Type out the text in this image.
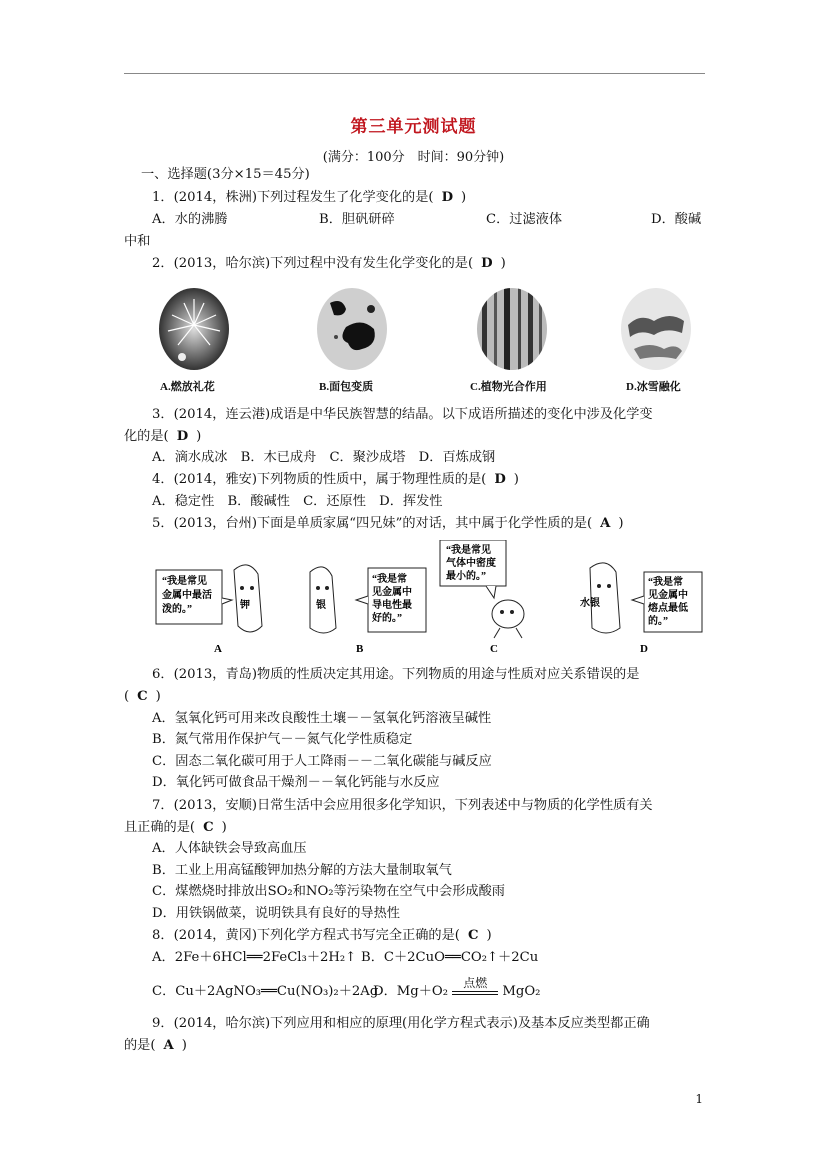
第三单元测试题
(满分：100分　时间：90分钟)
一、选择题(3分×15＝45分)
1．(2014，株洲)下列过程发生了化学变化的是( D )
A．水的沸腾	B．胆矾研碎	C．过滤液体	D．酸碱
中和
2．(2013，哈尔滨)下列过程中没有发生化学变化的是( D )
A.燃放礼花	B.面包变质	C.植物光合作用	D.冰雪融化
3．(2014，连云港)成语是中华民族智慧的结晶。以下成语所描述的变化中涉及化学变
化的是( D )
A．滴水成冰　B．木已成舟　C．聚沙成塔　D．百炼成钢
4．(2014，雅安)下列物质的性质中，属于物理性质的是( D )
A．稳定性　B．酸碱性　C．还原性　D．挥发性
5．(2013，台州)下面是单质家属“四兄妹”的对话，其中属于化学性质的是( A )
“我是常见
金属中最活
泼的。”	钾
A
银
“我是常
见金属中
导电性最
好的。”
B
“我是常见
气体中密度
最小的。”
C
水银
“我是常
见金属中
熔点最低
的。”
D
6．(2013，青岛)物质的性质决定其用途。下列物质的用途与性质对应关系错误的是
( C )
A．氢氧化钙可用来改良酸性土壤－－氢氧化钙溶液呈碱性
B．氮气常用作保护气－－氮气化学性质稳定
C．固态二氧化碳可用于人工降雨－－二氧化碳能与碱反应
D．氧化钙可做食品干燥剂－－氧化钙能与水反应
7．(2013，安顺)日常生活中会应用很多化学知识，下列表述中与物质的化学性质有关
且正确的是( C )
A．人体缺铁会导致高血压
B．工业上用高锰酸钾加热分解的方法大量制取氧气
C．煤燃烧时排放出SO₂和NO₂等污染物在空气中会形成酸雨
D．用铁锅做菜，说明铁具有良好的导热性
8．(2014，黄冈)下列化学方程式书写完全正确的是( C )
A．2Fe＋6HCl══2FeCl₃＋2H₂↑ B．C＋2CuO══CO₂↑＋2Cu
C．Cu＋2AgNO₃══Cu(NO₃)₂＋2Ag
D．Mg＋O₂
点燃
MgO₂
9．(2014，哈尔滨)下列应用和相应的原理(用化学方程式表示)及基本反应类型都正确
的是( A )
1
